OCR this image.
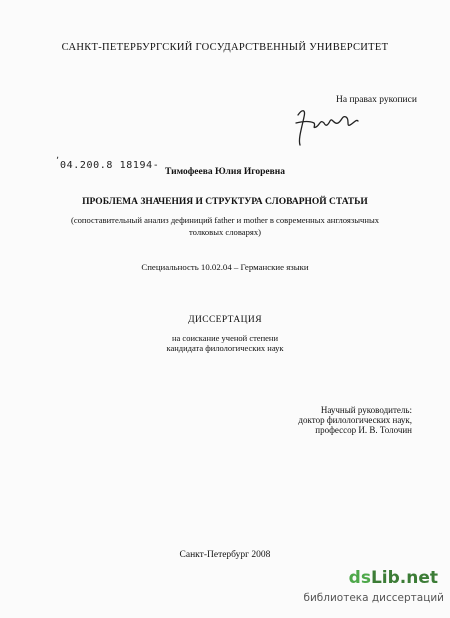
САНКТ-ПЕТЕРБУРГСКИЙ ГОСУДАРСТВЕННЫЙ УНИВЕРСИТЕТ
На правах рукописи
ʼ 04.200.8 18194-
Тимофеева Юлия Игоревна
ПРОБЛЕМА ЗНАЧЕНИЯ И СТРУКТУРА СЛОВАРНОЙ СТАТЬИ
(сопоставительный анализ дефиниций father и mother в современных англоязычных
толковых словарях)
Специальность 10.02.04 – Германские языки
ДИССЕРТАЦИЯ
на соискание ученой степени
кандидата филологических наук
Научный руководитель:
доктор филологических наук,
профессор И. В. Толочин
Санкт-Петербург 2008
dsLib.net
библиотека диссертаций
